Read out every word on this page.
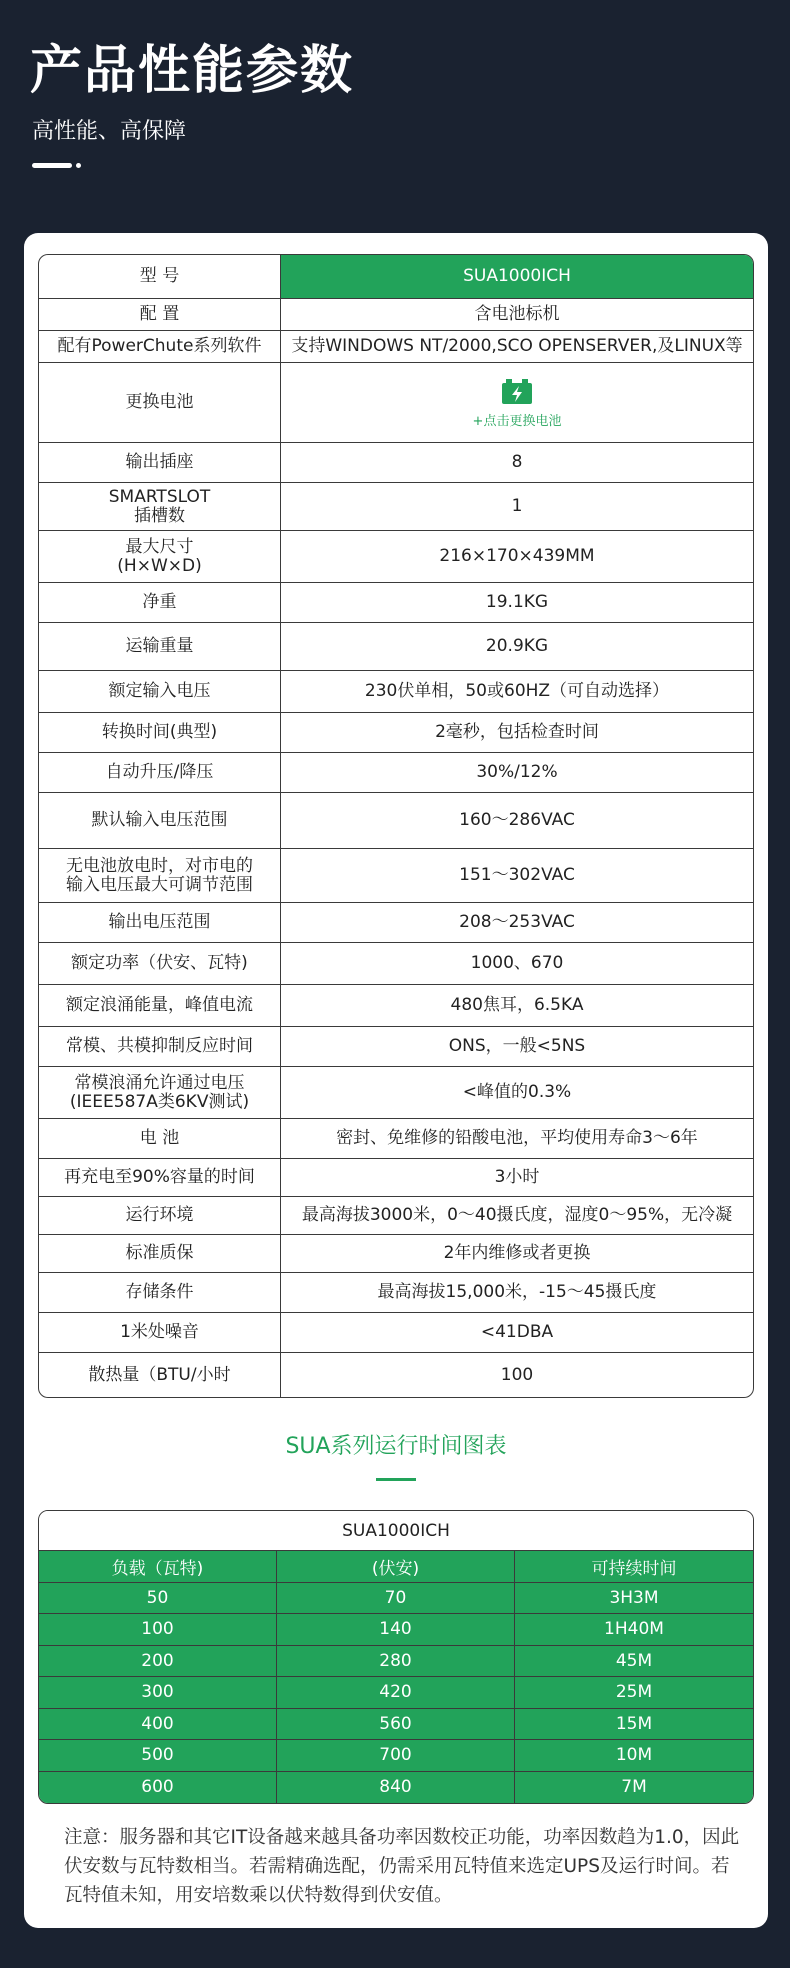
产品性能参数
高性能、高保障
型 号	SUA1000ICH
配 置	含电池标机
配有PowerChute系列软件	支持WINDOWS NT/2000,SCO OPENSERVER,及LINUX等
更换电池	+点击更换电池

输出插座	8
SMARTSLOT
插槽数	1
最大尺寸
(H×W×D)	216×170×439MM
净重	19.1KG
运输重量	20.9KG
额定输入电压	230伏单相，50或60HZ（可自动选择）
转换时间(典型)	2毫秒，包括检查时间
自动升压/降压	30%/12%
默认输入电压范围	160～286VAC
无电池放电时，对市电的
输入电压最大可调节范围	151～302VAC
输出电压范围	208～253VAC
额定功率（伏安、瓦特)	1000、670
额定浪涌能量，峰值电流	480焦耳，6.5KA
常模、共模抑制反应时间	ONS，一般<5NS
常模浪涌允许通过电压
(IEEE587A类6KV测试)	<峰值的0.3%
电 池	密封、免维修的铅酸电池，平均使用寿命3～6年
再充电至90%容量的时间	3小时
运行环境	最高海拔3000米，0～40摄氏度，湿度0～95%，无冷凝
标准质保	2年内维修或者更换
存储条件	最高海拔15,000米，-15～45摄氏度
1米处噪音	<41DBA
散热量（BTU/小时	100
SUA系列运行时间图表
SUA1000ICH		
负载（瓦特)	(伏安)	可持续时间
50	70	3H3M
100	140	1H40M
200	280	45M
300	420	25M
400	560	15M
500	700	10M
600	840	7M
注意：服务器和其它IT设备越来越具备功率因数校正功能，功率因数趋为1.0，因此伏安数与瓦特数相当。若需精确选配，仍需采用瓦特值来选定UPS及运行时间。若瓦特值未知，用安培数乘以伏特数得到伏安值。
